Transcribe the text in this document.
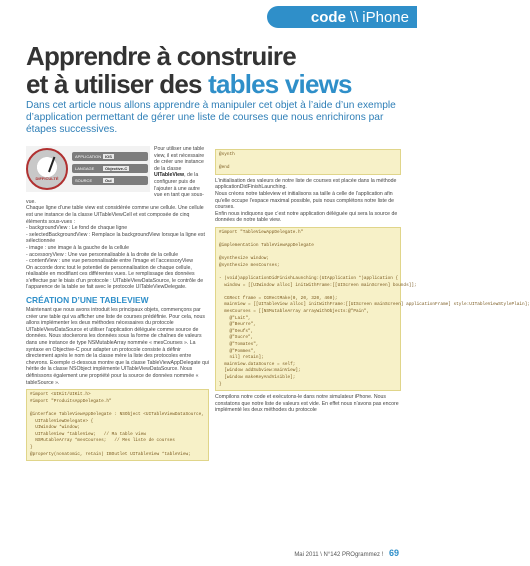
code \\ iPhone
Apprendre à construire
et à utiliser des tables views

Dans cet article nous allons apprendre à manipuler cet objet à l’aide d’un exemple d’application permettant de gérer une liste de courses que nous enrichirons par étapes successives.

DIFFICULTÉ
APPLICATION IOS
LANGAGE	Objective-C
SOURCE	Oui

Pour utiliser une table view, il est nécessaire de créer une instance de la classe UITableView, de la configurer puis de l’ajouter à une autre vue en tant que sous-vue.

Chaque ligne d’une table view est considérée comme une cellule. Une cellule est une instance de la classe UITableViewCell et est composée de cinq éléments sous-vues :

- backgroundView : Le fond de chaque ligne

- selectedBackgroundView : Remplace la backgroundView lorsque la ligne est sélectionnée

- image : une image à la gauche de la cellule

- accessoryView : Une vue personnalisable à la droite de la cellule

- contentView : une vue personnalisable entre l’image et l’accessoryView

On accorde donc tout le potentiel de personnalisation de chaque cellule, réalisable en modifiant ces différentes vues. Le remplissage des données s’effectue par le biais d’un protocole : UITableViewDataSource, le contrôle de l’apparence de la table se fait avec le protocole UITableViewDelegate.

CRÉATION D’UNE TABLEVIEW

Maintenant que nous avons introduit les principaux objets, commençons par créer une table qui va afficher une liste de courses prédéfinie. Pour cela, nous allons implémenter les deux méthodes nécessaires du protocole UITableViewDataSource et utiliser l’application déléguée comme source de données. Nous stockerons les données sous la forme de chaînes de valeurs dans une instance de type NSMutableArray nommée « mesCourses ». La syntaxe en Objective-C pour adapter un protocole consiste à définir directement après le nom de la classe mère la liste des protocoles entre chevrons. Exemple ci-dessous montre que la classe TableViewAppDelegate qui hérite de la classe NSObject implémente UITableViewDataSource. Nous définissons également une propriété pour la source de données nommée « tableSource ».

#import <UIKit/UIKit.h>
#import "ProduitsAppDelegate.h"
@interface TableViewAppDelegate : NSObject <UITableViewDataSource,
UITableViewDelegate> {
UIWindow *window;
UITableView *tableView;   // Ma table view
NSMutableArray *mesCourses;   // Mes liste de courses
}
@property(nonatomic, retain) IBOutlet UITableView *tableView;
@synth
@end

L’initialisation des valeurs de notre liste de courses est placée dans la méthode applicationDidFinishLaunching.

Nous créons notre tableview et initialisons sa taille à celle de l’application afin qu’elle occupe l’espace maximal possible, puis nous complétons notre liste de courses.

Enfin nous indiquons que c’est notre application déléguée qui sera la source de données de notre table view.

#import "TableViewAppDelegate.h"
@implementation TableViewAppDelegate
@synthesize window;
@synthesize mesCourses;
- (void)applicationDidFinishLaunching:(UIApplication *)application {
window = [[UIWindow alloc] initWithFrame:[[UIScreen mainScreen] bounds]];
CGRect frame = CGRectMake(0, 20, 320, 460);
mainView = [[UITableView alloc] initWithFrame:[[UIScreen mainScreen] applicationFrame] style:UITableViewStylePlain];
mesCourses = [[NSMutableArray arrayWithObjects:@"Pain",
@"Lait",
@"Beurre",
@"Oeufs",
@"Sucre",
@"Tomates",
@"Pommes",
nil] retain];
mainView.dataSource = self;
[window addSubview:mainView];
[window makeKeyAndVisible];
}

Compilons notre code et exécutons-le dans notre simulateur iPhone. Nous constatons que notre liste de valeurs est vide. En effet nous n’avons pas encore implémenté les deux méthodes du protocole

Mai 2011 \ N°142 PROgrammez ! 69
